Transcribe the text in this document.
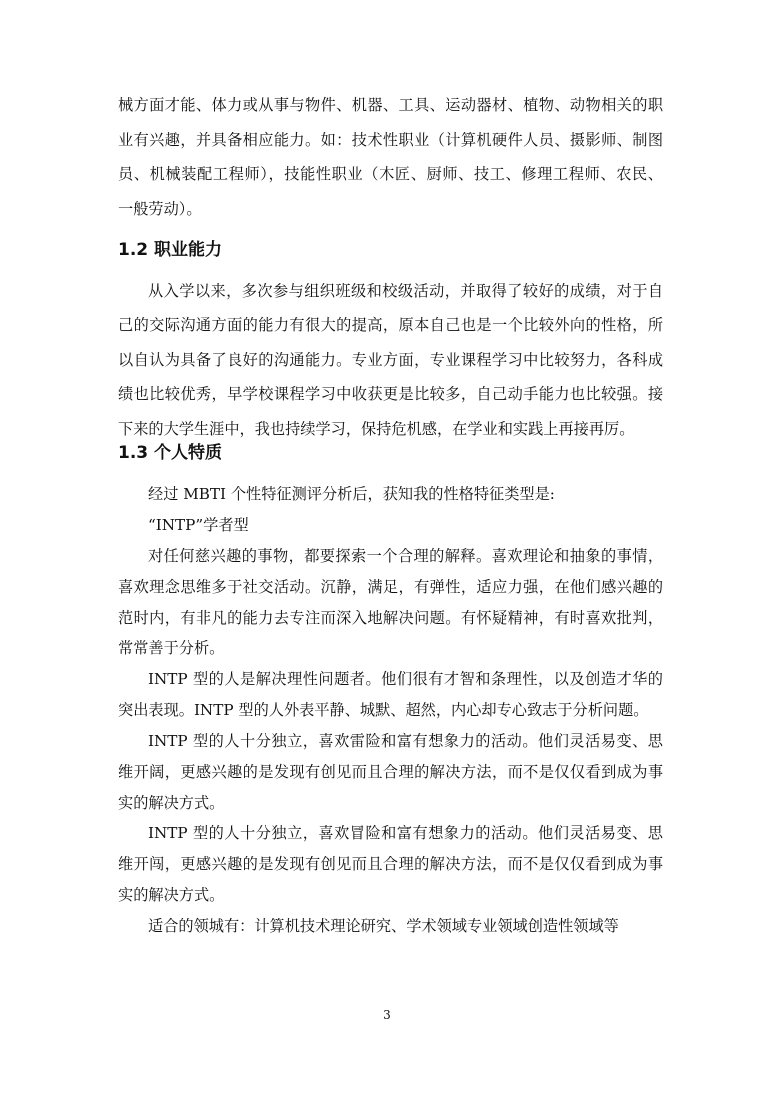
械方面才能、体力或从事与物件、机器、工具、运动器材、植物、动物相关的职
业有兴趣，并具备相应能力。如：技术性职业（计算机硬件人员、摄影师、制图
员、机械装配工程师），技能性职业（木匠、厨师、技工、修理工程师、农民、
一般劳动）。
1.2 职业能力
从入学以来，多次参与组织班级和校级活动，并取得了较好的成绩，对于自
己的交际沟通方面的能力有很大的提高，原本自己也是一个比较外向的性格，所
以自认为具备了良好的沟通能力。专业方面，专业课程学习中比较努力，各科成
绩也比较优秀，早学校课程学习中收获更是比较多，自己动手能力也比较强。接
下来的大学生涯中，我也持续学习，保持危机感，在学业和实践上再接再厉。
1.3 个人特质
经过 MBTI 个性特征测评分析后，获知我的性格特征类型是:
“INTP”学者型
对任何慈兴趣的事物，都要探索一个合理的解释。喜欢理论和抽象的事情，
喜欢理念思维多于社交活动。沉静，满足，有弹性，适应力强，在他们感兴趣的
范时内，有非凡的能力去专注而深入地解决问题。有怀疑精神，有时喜欢批判，
常常善于分析。
INTP 型的人是解决理性问题者。他们很有才智和条理性，以及创造才华的
突出表现。INTP 型的人外表平静、城默、超然，内心却专心致志于分析问题。
INTP 型的人十分独立，喜欢雷险和富有想象力的活动。他们灵活易变、思
维开阔，更感兴趣的是发现有创见而且合理的解决方法，而不是仅仅看到成为事
实的解决方式。
INTP 型的人十分独立，喜欢冒险和富有想象力的活动。他们灵活易变、思
维开闯，更感兴趣的是发现有创见而且合理的解决方法，而不是仅仅看到成为事
实的解决方式。
适合的领城有：计算机技术理论研究、学术领域专业领域创造性领域等
3
